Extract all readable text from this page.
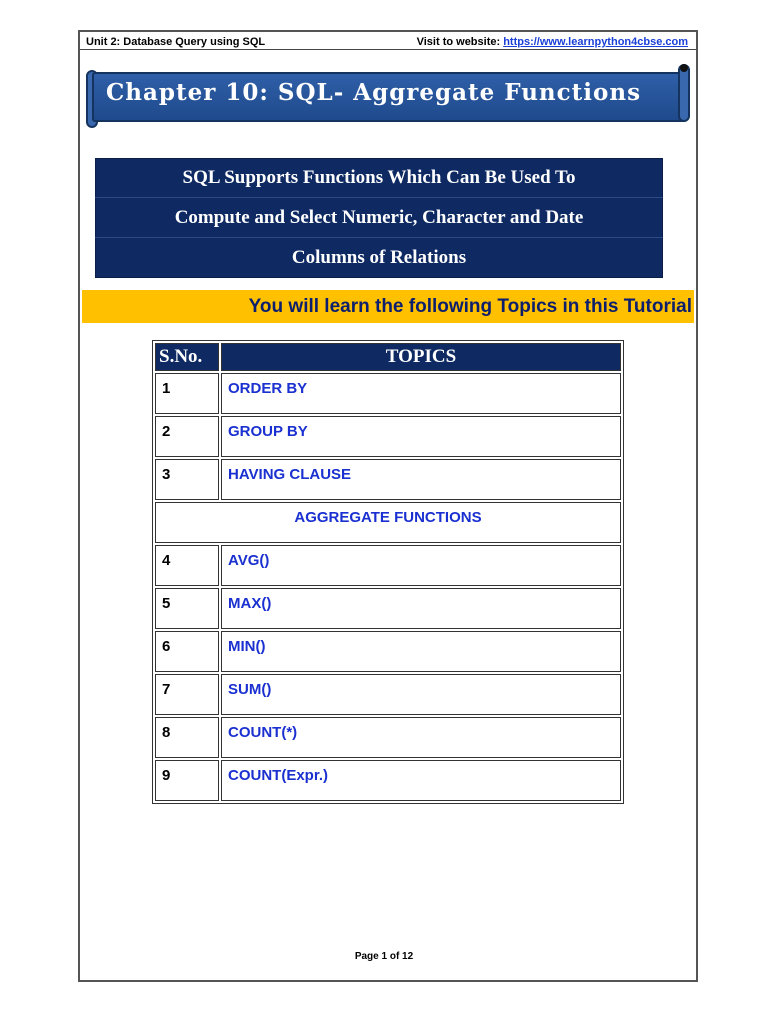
Unit 2: Database Query using SQL	Visit to website: https://www.learnpython4cbse.com
Chapter 10: SQL- Aggregate Functions
SQL Supports Functions Which Can Be Used To
Compute and Select Numeric, Character and Date
Columns of Relations
You will learn the following Topics in this Tutorial
S.No.	TOPICS
1	ORDER BY
2	GROUP BY
3	HAVING CLAUSE
AGGREGATE FUNCTIONS	
4	AVG()
5	MAX()
6	MIN()
7	SUM()
8	COUNT(*)
9	COUNT(Expr.)
Page 1 of 12
